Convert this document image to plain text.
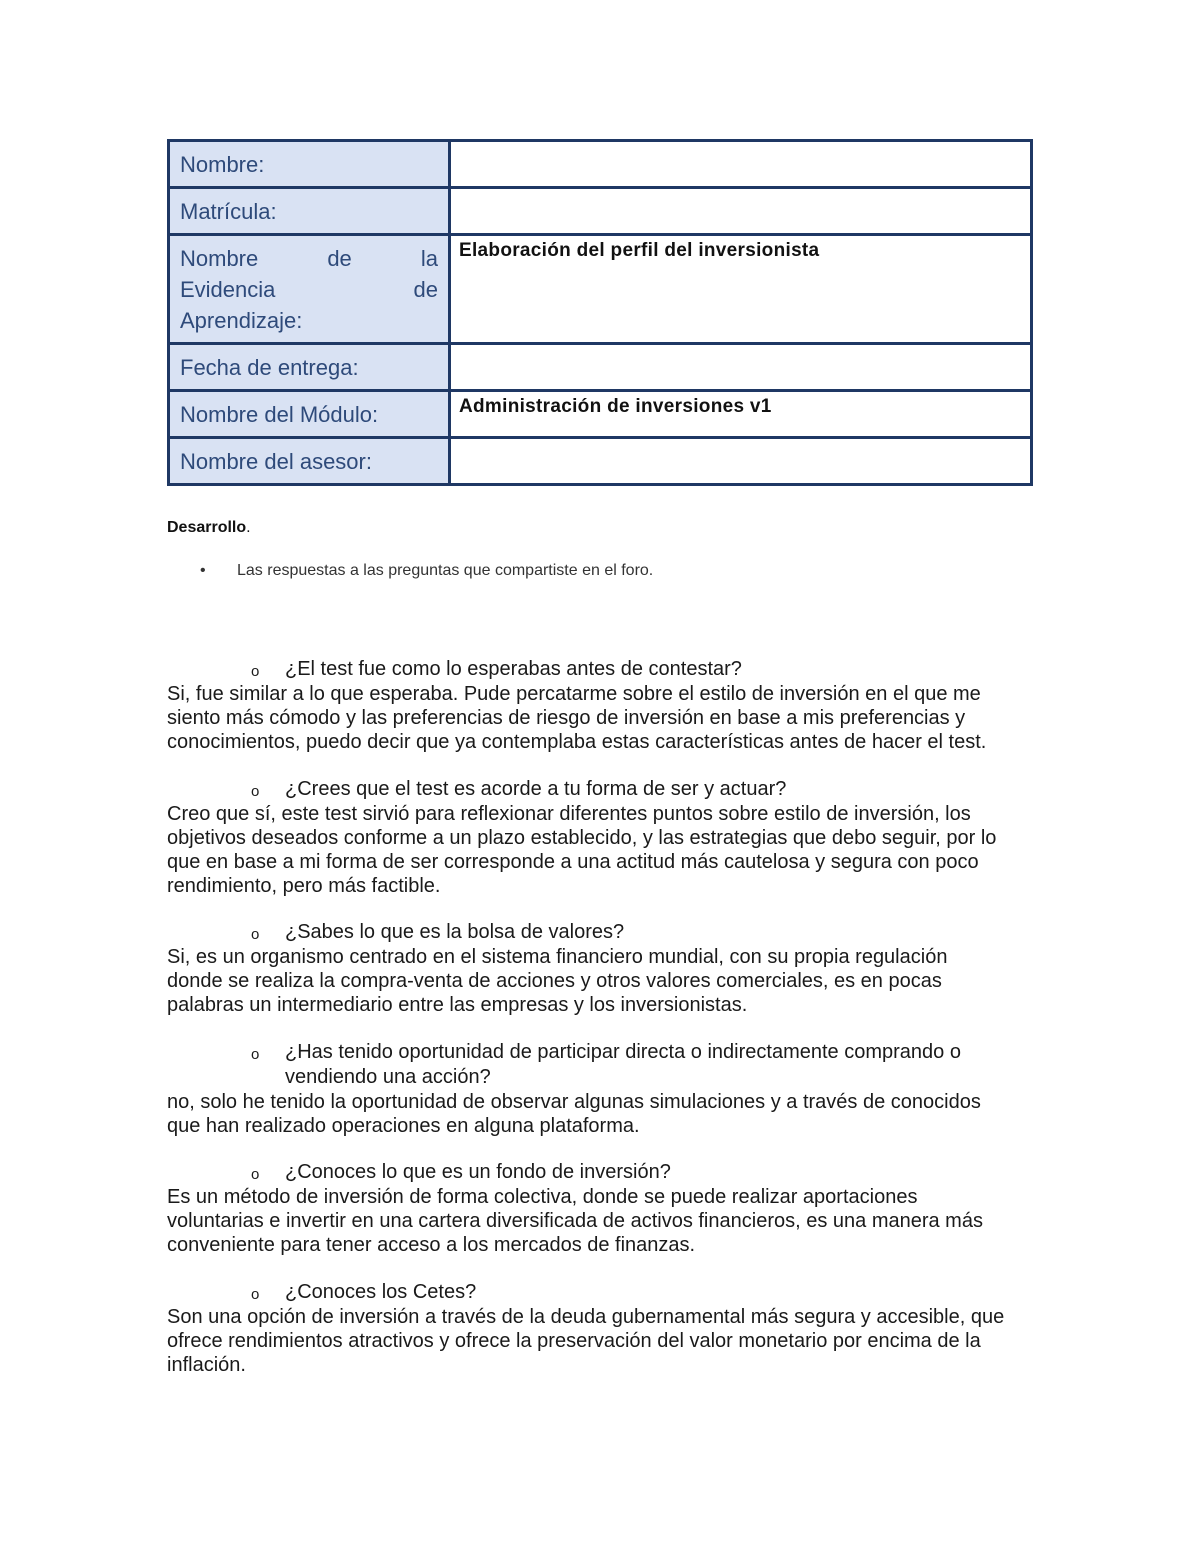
Nombre:	
Matrícula:	

Nombre de la
Evidencia de
Aprendizaje:	Elaboración del perfil del inversionista
Fecha de entrega:	
Nombre del Módulo:	Administración de inversiones v1
Nombre del asesor:	
Desarrollo.
• Las respuestas a las preguntas que compartiste en el foro.
o ¿El test fue como lo esperabas antes de contestar?
Si, fue similar a lo que esperaba. Pude percatarme sobre el estilo de inversión en el que me
siento más cómodo y las preferencias de riesgo de inversión en base a mis preferencias y
conocimientos, puedo decir que ya contemplaba estas características antes de hacer el test.
o ¿Crees que el test es acorde a tu forma de ser y actuar?
Creo que sí, este test sirvió para reflexionar diferentes puntos sobre estilo de inversión, los
objetivos deseados conforme a un plazo establecido, y las estrategias que debo seguir, por lo
que en base a mi forma de ser corresponde a una actitud más cautelosa y segura con poco
rendimiento, pero más factible.
o ¿Sabes lo que es la bolsa de valores?
Si, es un organismo centrado en el sistema financiero mundial, con su propia regulación
donde se realiza la compra-venta de acciones y otros valores comerciales, es en pocas
palabras un intermediario entre las empresas y los inversionistas.
o ¿Has tenido oportunidad de participar directa o indirectamente comprando o
vendiendo una acción?
no, solo he tenido la oportunidad de observar algunas simulaciones y a través de conocidos
que han realizado operaciones en alguna plataforma.
o ¿Conoces lo que es un fondo de inversión?
Es un método de inversión de forma colectiva, donde se puede realizar aportaciones
voluntarias e invertir en una cartera diversificada de activos financieros, es una manera más
conveniente para tener acceso a los mercados de finanzas.
o ¿Conoces los Cetes?
Son una opción de inversión a través de la deuda gubernamental más segura y accesible, que
ofrece rendimientos atractivos y ofrece la preservación del valor monetario por encima de la
inflación.
